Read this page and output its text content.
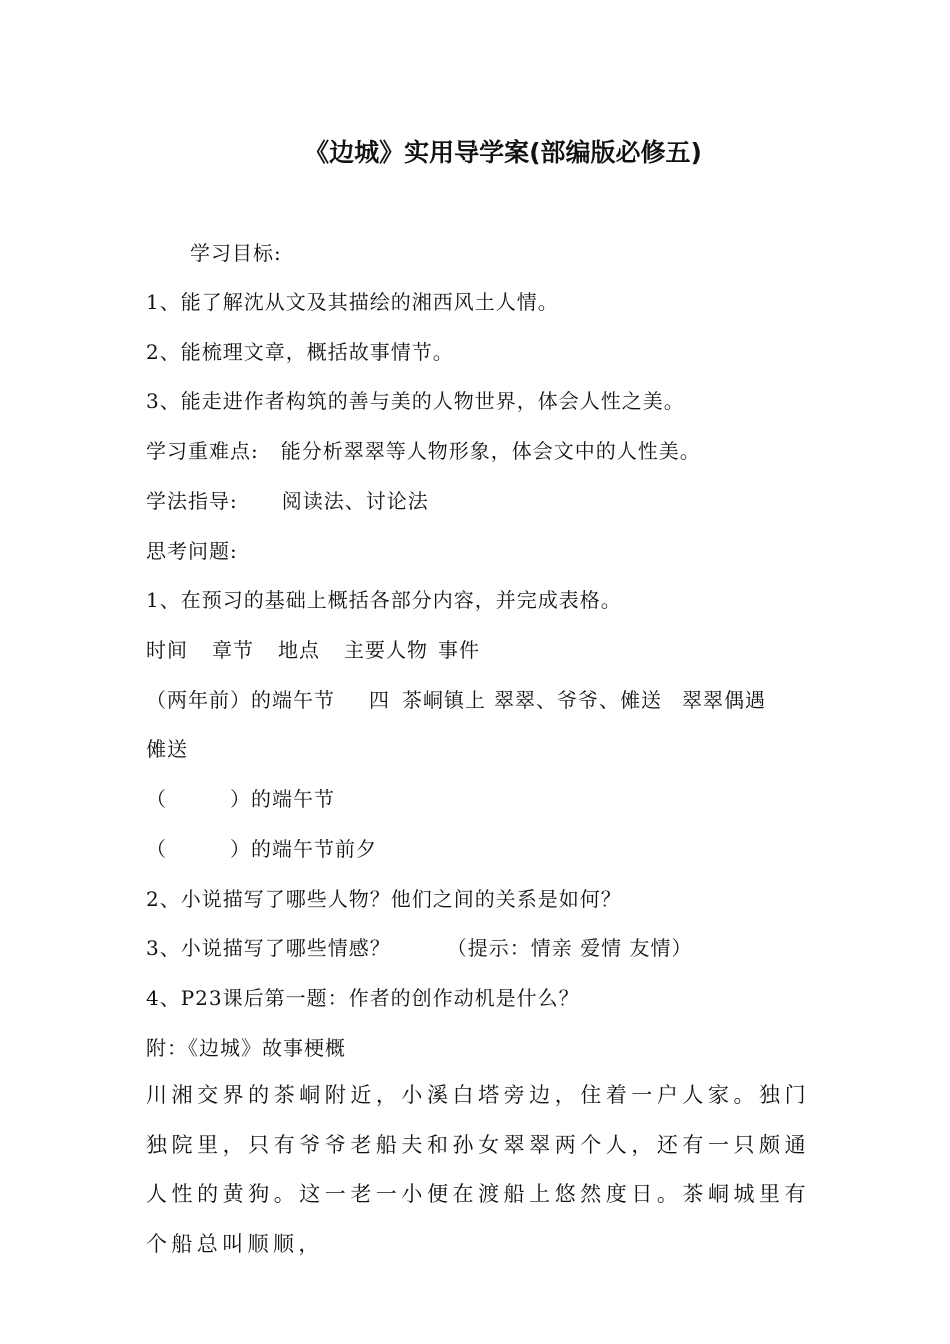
《边城》实用导学案(部编版必修五)
学习目标:
1、能了解沈从文及其描绘的湘西风土人情。
2、能梳理文章，概括故事情节。
3、能走进作者构筑的善与美的人物世界，体会人性之美。
学习重难点: 能分析翠翠等人物形象，体会文中的人性美。
学法指导: 阅读法、讨论法
思考问题:
1、在预习的基础上概括各部分内容，并完成表格。
时间 章节 地点 主要人物 事件
（两年前）的端午节 四 茶峒镇上 翠翠、爷爷、傩送 翠翠偶遇
傩送
（　　　）的端午节
（　　　）的端午节前夕
2、小说描写了哪些人物？他们之间的关系是如何？
3、小说描写了哪些情感？	（提示：情亲 爱情 友情）
4、P23课后第一题：作者的创作动机是什么？
附：《边城》故事梗概
川湘交界的茶峒附近，小溪白塔旁边，住着一户人家。独门独院里，只有爷爷老船夫和孙女翠翠两个人，还有一只颇通人性的黄狗。这一老一小便在渡船上悠然度日。茶峒城里有个船总叫顺顺，
